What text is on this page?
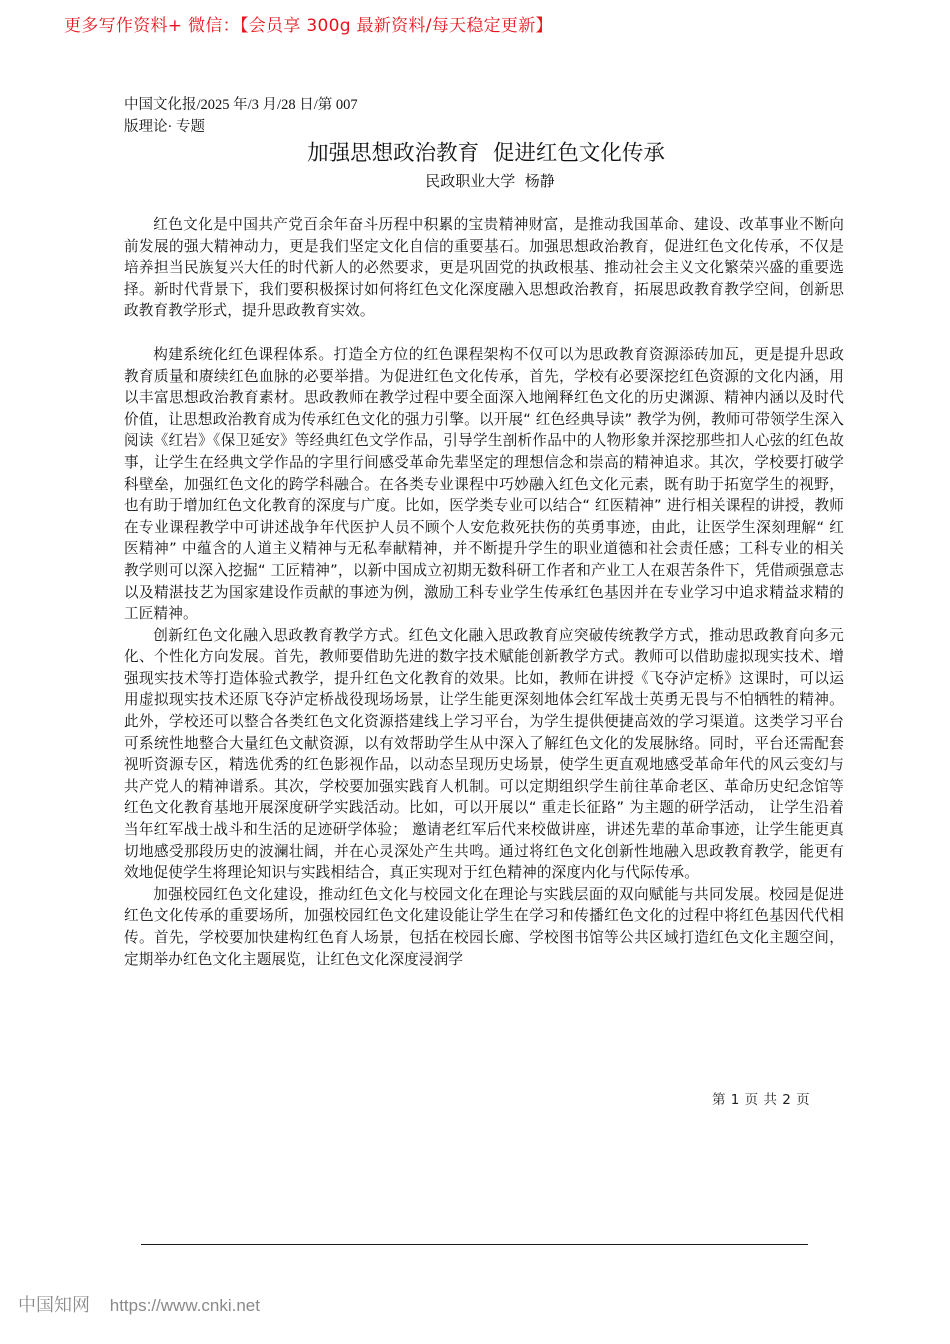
更多写作资料+ 微信：【会员享 300g 最新资料/每天稳定更新】
中国文化报/2025 年/3 月/28 日/第 007
版理论· 专题
加强思想政治教育  促进红色文化传承
民政职业大学  杨静

红色文化是中国共产党百余年奋斗历程中积累的宝贵精神财富，是推动我国革命、建设、改革事业不断向前发展的强大精神动力，更是我们坚定文化自信的重要基石。加强思想政治教育，促进红色文化传承，不仅是培养担当民族复兴大任的时代新人的必然要求，更是巩固党的执政根基、推动社会主义文化繁荣兴盛的重要选择。新时代背景下，我们要积极探讨如何将红色文化深度融入思想政治教育，拓展思政教育教学空间，创新思政教育教学形式，提升思政教育实效。

构建系统化红色课程体系。打造全方位的红色课程架构不仅可以为思政教育资源添砖加瓦，更是提升思政教育质量和赓续红色血脉的必要举措。为促进红色文化传承，首先，学校有必要深挖红色资源的文化内涵，用以丰富思想政治教育素材。思政教师在教学过程中要全面深入地阐释红色文化的历史渊源、精神内涵以及时代价值，让思想政治教育成为传承红色文化的强力引擎。以开展“ 红色经典导读” 教学为例，教师可带领学生深入阅读《红岩》《保卫延安》等经典红色文学作品，引导学生剖析作品中的人物形象并深挖那些扣人心弦的红色故事，让学生在经典文学作品的字里行间感受革命先辈坚定的理想信念和崇高的精神追求。其次，学校要打破学科壁垒，加强红色文化的跨学科融合。在各类专业课程中巧妙融入红色文化元素，既有助于拓宽学生的视野，也有助于增加红色文化教育的深度与广度。比如，医学类专业可以结合“ 红医精神” 进行相关课程的讲授，教师在专业课程教学中可讲述战争年代医护人员不顾个人安危救死扶伤的英勇事迹，由此，让医学生深刻理解“ 红医精神” 中蕴含的人道主义精神与无私奉献精神，并不断提升学生的职业道德和社会责任感；工科专业的相关教学则可以深入挖掘“ 工匠精神”，以新中国成立初期无数科研工作者和产业工人在艰苦条件下，凭借顽强意志以及精湛技艺为国家建设作贡献的事迹为例，激励工科专业学生传承红色基因并在专业学习中追求精益求精的工匠精神。

创新红色文化融入思政教育教学方式。红色文化融入思政教育应突破传统教学方式，推动思政教育向多元化、个性化方向发展。首先，教师要借助先进的数字技术赋能创新教学方式。教师可以借助虚拟现实技术、增强现实技术等打造体验式教学，提升红色文化教育的效果。比如，教师在讲授《飞夺泸定桥》这课时，可以运用虚拟现实技术还原飞夺泸定桥战役现场场景，让学生能更深刻地体会红军战士英勇无畏与不怕牺牲的精神。此外，学校还可以整合各类红色文化资源搭建线上学习平台，为学生提供便捷高效的学习渠道。这类学习平台可系统性地整合大量红色文献资源，以有效帮助学生从中深入了解红色文化的发展脉络。同时，平台还需配套视听资源专区，精选优秀的红色影视作品，以动态呈现历史场景，使学生更直观地感受革命年代的风云变幻与共产党人的精神谱系。其次，学校要加强实践育人机制。可以定期组织学生前往革命老区、革命历史纪念馆等红色文化教育基地开展深度研学实践活动。比如，可以开展以“ 重走长征路” 为主题的研学活动， 让学生沿着当年红军战士战斗和生活的足迹研学体验； 邀请老红军后代来校做讲座，讲述先辈的革命事迹，让学生能更真切地感受那段历史的波澜壮阔，并在心灵深处产生共鸣。通过将红色文化创新性地融入思政教育教学，能更有效地促使学生将理论知识与实践相结合，真正实现对于红色精神的深度内化与代际传承。

加强校园红色文化建设，推动红色文化与校园文化在理论与实践层面的双向赋能与共同发展。校园是促进红色文化传承的重要场所，加强校园红色文化建设能让学生在学习和传播红色文化的过程中将红色基因代代相传。首先，学校要加快建构红色育人场景，包括在校园长廊、学校图书馆等公共区域打造红色文化主题空间，定期举办红色文化主题展览，让红色文化深度浸润学

第 1 页 共 2 页
中国知网 https://www.cnki.net
